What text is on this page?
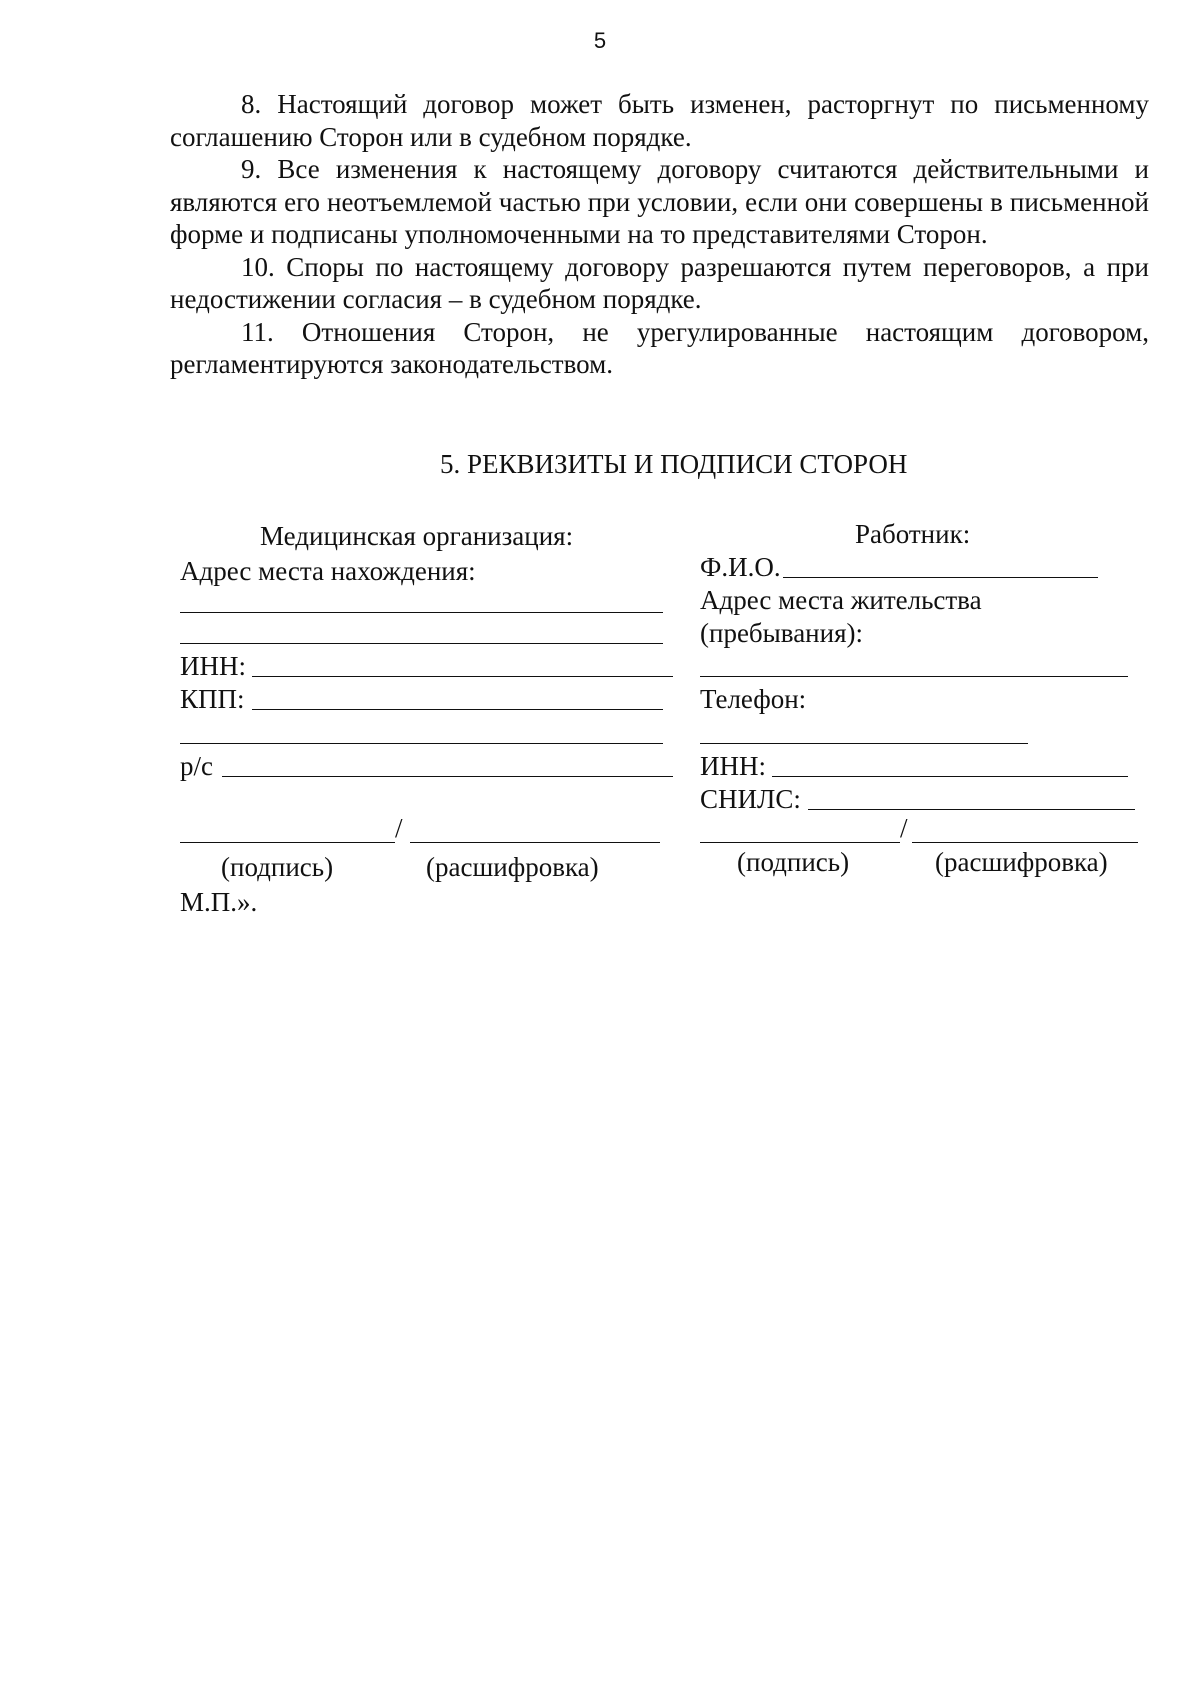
5

8. Настоящий договор может быть изменен, расторгнут по письменному соглашению Сторон или в судебном порядке.

9. Все изменения к настоящему договору считаются действительными и являются его неотъемлемой частью при условии, если они совершены в письменной форме и подписаны уполномоченными на то представителями Сторон.

10. Споры по настоящему договору разрешаются путем переговоров, а при недостижении согласия – в судебном порядке.

11. Отношения Сторон, не урегулированные настоящим договором, регламентируются законодательством.

5. РЕКВИЗИТЫ И ПОДПИСИ СТОРОН
Медицинская организация:
Адрес места нахождения:
ИНН:
КПП:
р/с
/
(подпись)	(расшифровка)
М.П.».
Работник:
Ф.И.О.
Адрес места жительства
(пребывания):
Телефон:
ИНН:
СНИЛС:
/
(подпись)	(расшифровка)
